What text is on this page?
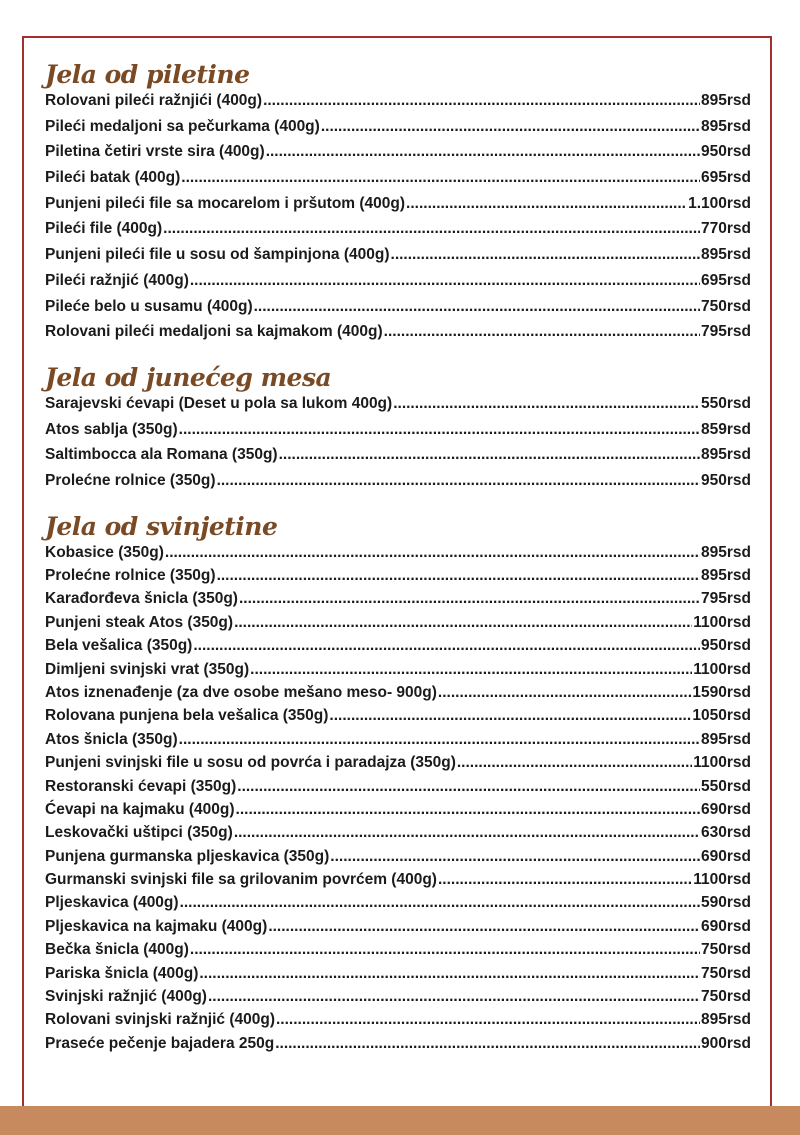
Jela od piletine
Rolovani pileći ražnjići (400g) .....	895rsd
Pileći medaljoni sa pečurkama (400g) .....	895rsd
Piletina četiri vrste sira (400g) .....	950rsd
Pileći batak (400g) .....	695rsd
Punjeni pileći file sa mocarelom i pršutom (400g) .....	1.100rsd
Pileći file (400g) .....	770rsd
Punjeni pileći file u sosu od šampinjona (400g) .....	895rsd
Pileći ražnjić (400g) .....	695rsd
Pileće belo u susamu (400g) .....	750rsd
Rolovani pileći medaljoni sa kajmakom (400g) .....	795rsd
Jela od junećeg mesa
Sarajevski ćevapi (Deset u pola sa lukom 400g) .....	550rsd
Atos sablja (350g) .....	859rsd
Saltimbocca ala Romana (350g) .....	895rsd
Prolećne rolnice (350g) .....	950rsd
Jela od svinjetine
Kobasice (350g) .....	895rsd
Prolećne rolnice (350g) .....	895rsd
Karađorđeva šnicla (350g) .....	795rsd
Punjeni steak Atos (350g) .....	1100rsd
Bela vešalica (350g) .....	950rsd
Dimljeni svinjski vrat (350g) .....	1100rsd
Atos iznenađenje (za dve osobe mešano meso- 900g) .....	1590rsd
Rolovana punjena bela vešalica (350g) .....	1050rsd
Atos šnicla (350g) .....	895rsd
Punjeni svinjski file u sosu od povrća i paradajza (350g) .....	1100rsd
Restoranski ćevapi (350g) .....	550rsd
Ćevapi na kajmaku (400g) .....	690rsd
Leskovački uštipci (350g) .....	630rsd
Punjena gurmanska pljeskavica (350g) .....	690rsd
Gurmanski svinjski file sa grilovanim povrćem (400g) .....	1100rsd
Pljeskavica (400g) .....	590rsd
Pljeskavica na kajmaku (400g) .....	690rsd
Bečka šnicla (400g) .....	750rsd
Pariska šnicla (400g) .....	750rsd
Svinjski ražnjić (400g) .....	750rsd
Rolovani svinjski ražnjić (400g) .....	895rsd
Praseće pečenje bajadera 250g .....	900rsd
